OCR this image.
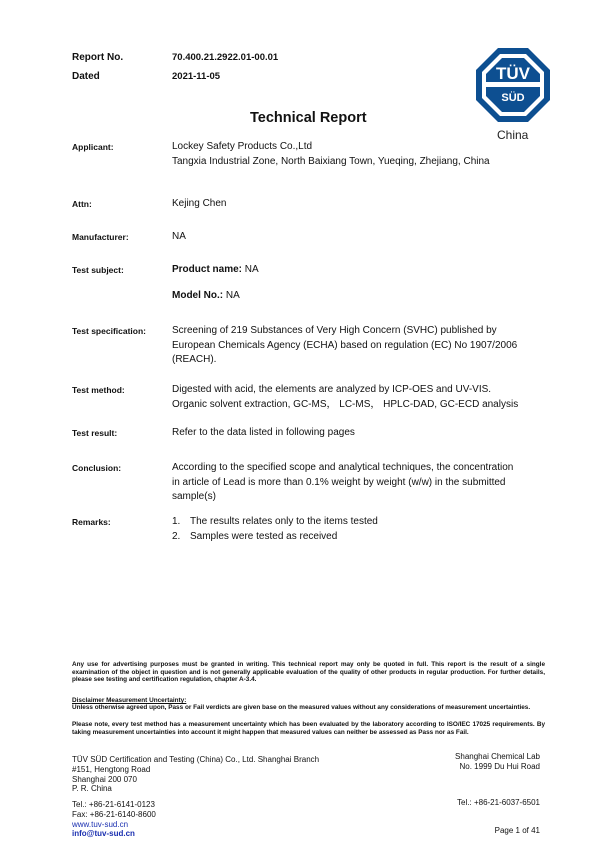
Report No.	70.400.21.2922.01-00.01
Dated	2021-11-05	TÜV
SÜD
China
Technical Report
Applicant:	Lockey Safety Products Co.,Ltd
Tangxia Industrial Zone, North Baixiang Town, Yueqing, Zhejiang, China
Attn:	Kejing Chen
Manufacturer:	NA
Test subject:	Product name: NA
Model No.: NA
Test specification:	Screening of 219 Substances of Very High Concern (SVHC) published by
European Chemicals Agency (ECHA) based on regulation (EC) No 1907/2006
(REACH).
Test method:	Digested with acid, the elements are analyzed by ICP-OES and UV-VIS.
Organic solvent extraction, GC-MS， LC-MS， HPLC-DAD, GC-ECD analysis
Test result:	Refer to the data listed in following pages
Conclusion:	According to the specified scope and analytical techniques, the concentration
in article of Lead is more than 0.1% weight by weight (w/w) in the submitted
sample(s)
Remarks:	1. The results relates only to the items tested
2. Samples were tested as received
Any use for advertising purposes must be granted in writing. This technical report may only be quoted in full. This report is the result of a single examination of the object in question and is not generally applicable evaluation of the quality of other products in regular production. For further details, please see testing and certification regulation, chapter A-3.4.
Disclaimer Measurement Uncertainty:
Unless otherwise agreed upon, Pass or Fail verdicts are given base on the measured values without any considerations of measurement uncertainties.
Please note, every test method has a measurement uncertainty which has been evaluated by the laboratory according to ISO/IEC 17025 requirements. By taking measurement uncertainties into account it might happen that measured values can neither be assessed as Pass nor as Fail.
TÜV SÜD Certification and Testing (China) Co., Ltd. Shanghai Branch
#151, Hengtong Road
Shanghai 200 070
P. R. China
Tel.: +86-21-6141-0123
Fax: +86-21-6140-8600
www.tuv-sud.cn
info@tuv-sud.cn
Shanghai Chemical Lab
No. 1999 Du Hui Road
Tel.: +86-21-6037-6501
Page 1 of 41
